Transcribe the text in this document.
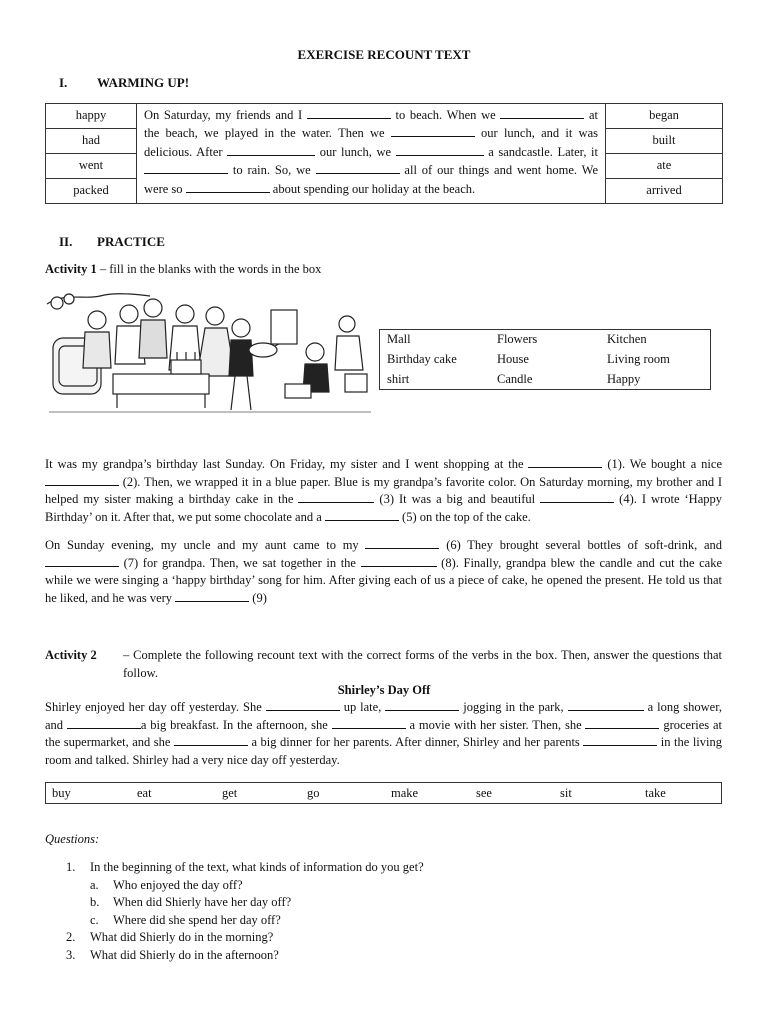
EXERCISE RECOUNT TEXT
I. WARMING UP!
happy	On Saturday, my friends and I to beach. When we at the beach, we played in the water. Then we our lunch, and it was delicious. After our lunch, we a sandcastle. Later, it  to rain. So, we all of our things and went home. We were so about spending our holiday at the beach.	began
had		built
went		ate
packed		arrived
II. PRACTICE
Activity 1 – fill in the blanks with the words in the box
Mall	Flowers	Kitchen
Birthday cake	House	Living room
shirt	Candle	Happy

It was my grandpa’s birthday last Sunday. On Friday, my sister and I went shopping at the	(1). We bought a nice  (2). Then, we wrapped it in a blue paper. Blue is my grandpa’s favorite color. On Saturday morning, my brother and I helped my sister making a birthday cake in the	(3) It was a big and beautiful	(4). I wrote ‘Happy Birthday’ on it. After that, we put some chocolate and a	(5) on the top of the cake.

On Sunday evening, my uncle and my aunt came to my	(6) They brought several bottles of soft-drink, and  (7) for grandpa. Then, we sat together in the	(8). Finally, grandpa blew the candle and cut the cake while we were singing a ‘happy birthday’ song for him. After giving each of us a piece of cake, he opened the present. He told us that he liked, and he was very	(9)

Activity 2	– Complete the following recount text with the correct forms of the verbs in the box. Then, answer the questions that follow.
Shirley’s Day Off

Shirley enjoyed her day off yesterday. She	up late,	jogging in the park,	a long shower, and	a big breakfast. In the afternoon, she	a movie with her sister. Then, she	groceries at the supermarket, and she	a big dinner for her parents. After dinner, Shirley and her parents	in the living room and talked. Shirley had a very nice day off yesterday.

buy	eat	get	go	make	see	sit	take
Questions:
1. In the beginning of the text, what kinds of information do you get?
a. Who enjoyed the day off?
b. When did Shierly have her day off?
c. Where did she spend her day off?
2. What did Shierly do in the morning?
3. What did Shierly do in the afternoon?
